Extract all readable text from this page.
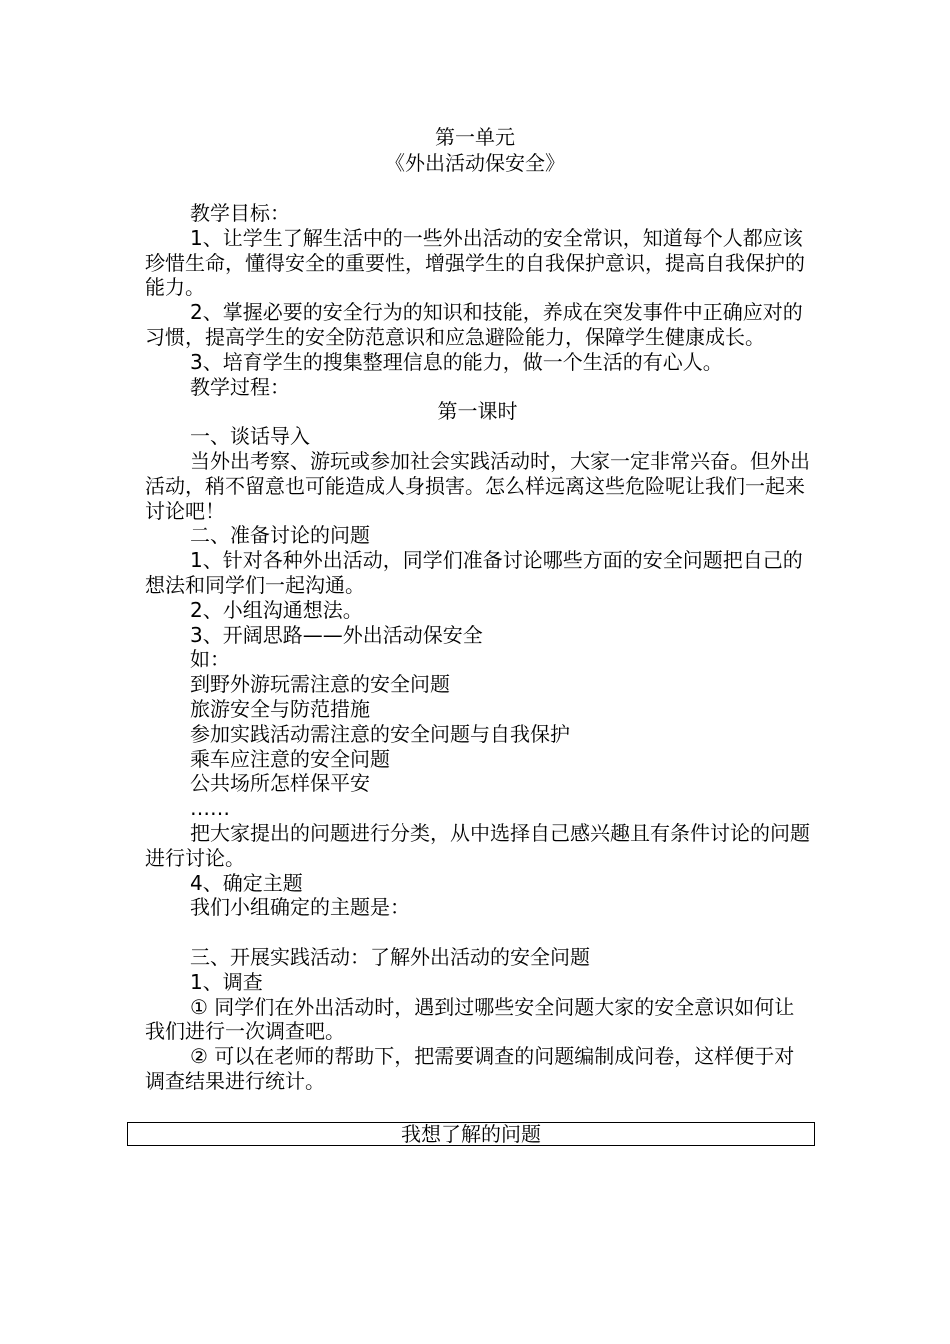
第一单元
《外出活动保安全》

教学目标：

1、让学生了解生活中的一些外出活动的安全常识，知道每个人都应该珍惜生命，懂得安全的重要性，增强学生的自我保护意识，提高自我保护的能力。

2、掌握必要的安全行为的知识和技能，养成在突发事件中正确应对的习惯，提高学生的安全防范意识和应急避险能力，保障学生健康成长。

3、培育学生的搜集整理信息的能力，做一个生活的有心人。

教学过程：

第一课时

一、谈话导入

当外出考察、游玩或参加社会实践活动时，大家一定非常兴奋。但外出活动，稍不留意也可能造成人身损害。怎么样远离这些危险呢让我们一起来讨论吧！

二、准备讨论的问题

1、针对各种外出活动，同学们准备讨论哪些方面的安全问题把自己的想法和同学们一起沟通。

2、小组沟通想法。

3、开阔思路——外出活动保安全

如：

到野外游玩需注意的安全问题

旅游安全与防范措施

参加实践活动需注意的安全问题与自我保护

乘车应注意的安全问题

公共场所怎样保平安

……

把大家提出的问题进行分类，从中选择自己感兴趣且有条件讨论的问题进行讨论。

4、确定主题

我们小组确定的主题是：

三、开展实践活动：了解外出活动的安全问题

1、调查

① 同学们在外出活动时，遇到过哪些安全问题大家的安全意识如何让我们进行一次调查吧。

② 可以在老师的帮助下，把需要调查的问题编制成问卷，这样便于对调查结果进行统计。

我想了解的问题
